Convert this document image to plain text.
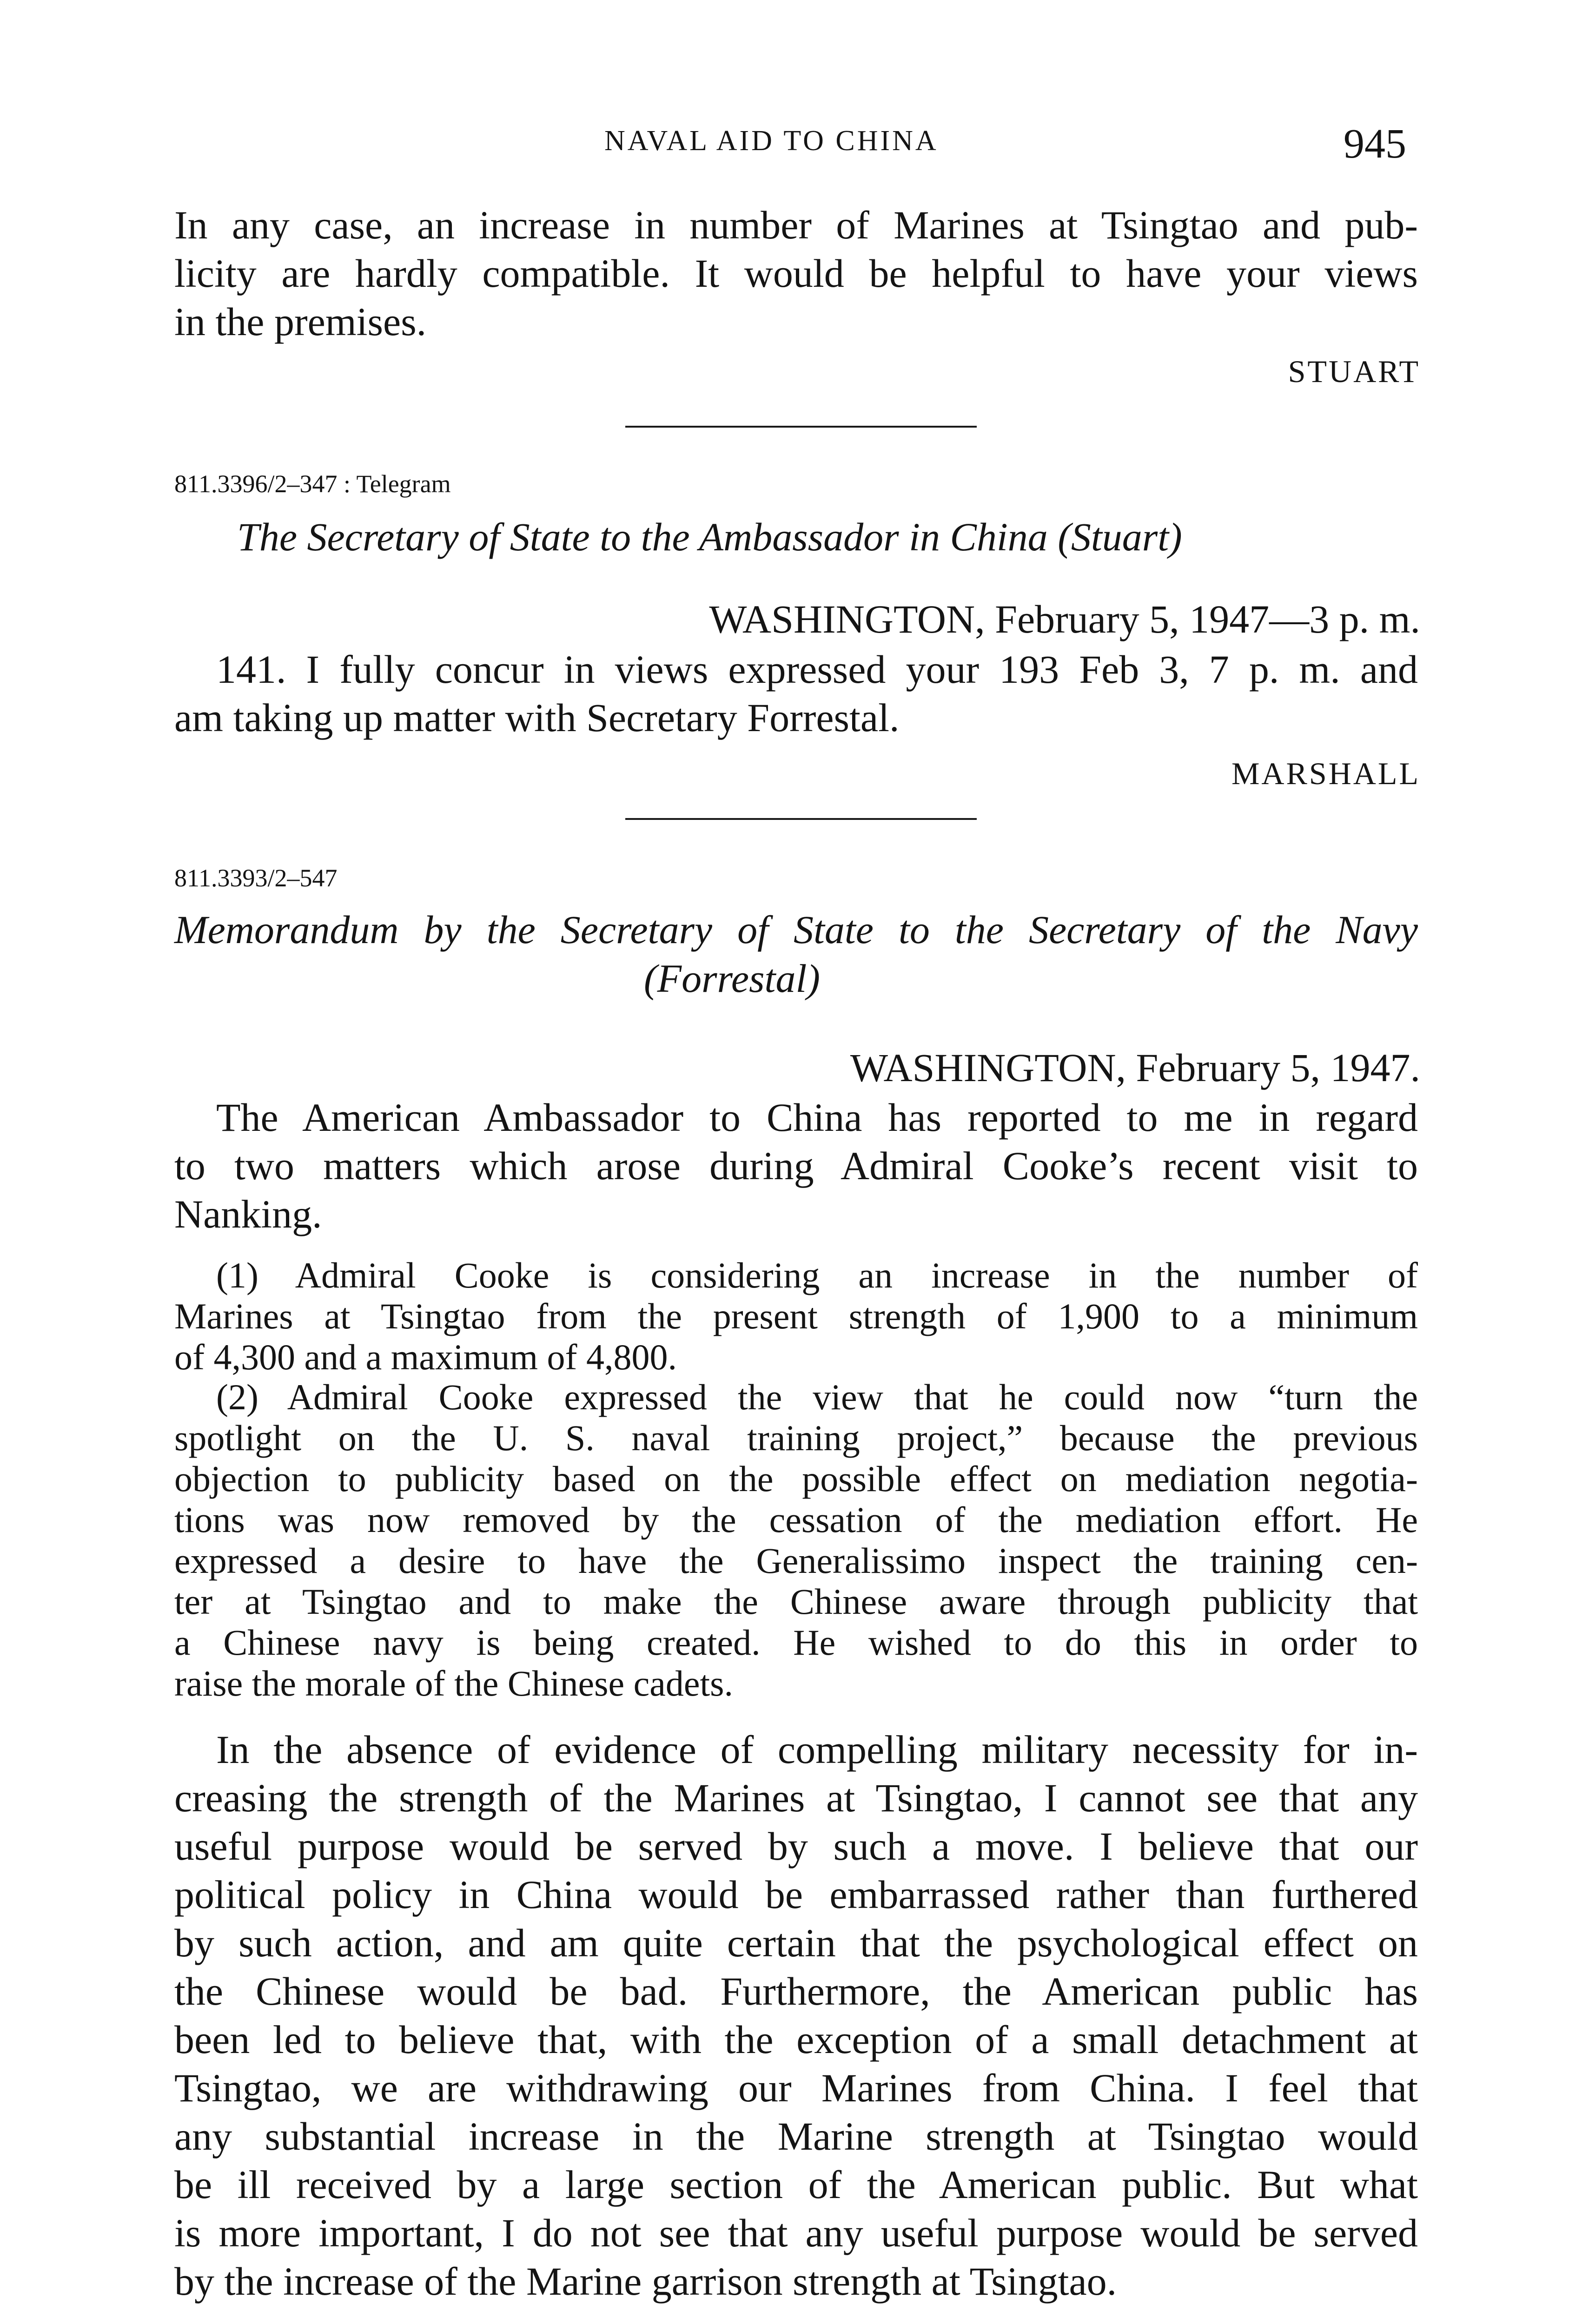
NAVAL AID TO CHINA	945
In any case, an increase in number of Marines at Tsingtao and pub-
licity are hardly compatible. It would be helpful to have your views
in the premises.
STUART
811.3396/2–347 : Telegram
The Secretary of State to the Ambassador in China (Stuart)
WASHINGTON, February 5, 1947—3 p. m.
141. I fully concur in views expressed your 193 Feb 3, 7 p. m. and
am taking up matter with Secretary Forrestal.
MARSHALL
811.3393/2–547
Memorandum by the Secretary of State to the Secretary of the Navy
(Forrestal)
WASHINGTON, February 5, 1947.
The American Ambassador to China has reported to me in regard
to two matters which arose during Admiral Cooke’s recent visit to
Nanking.
(1) Admiral Cooke is considering an increase in the number of
Marines at Tsingtao from the present strength of 1,900 to a minimum
of 4,300 and a maximum of 4,800.
(2) Admiral Cooke expressed the view that he could now “turn the
spotlight on the U. S. naval training project,” because the previous
objection to publicity based on the possible effect on mediation negotia-
tions was now removed by the cessation of the mediation effort. He
expressed a desire to have the Generalissimo inspect the training cen-
ter at Tsingtao and to make the Chinese aware through publicity that
a Chinese navy is being created. He wished to do this in order to
raise the morale of the Chinese cadets.
In the absence of evidence of compelling military necessity for in-
creasing the strength of the Marines at Tsingtao, I cannot see that any
useful purpose would be served by such a move. I believe that our
political policy in China would be embarrassed rather than furthered
by such action, and am quite certain that the psychological effect on
the Chinese would be bad. Furthermore, the American public has
been led to believe that, with the exception of a small detachment at
Tsingtao, we are withdrawing our Marines from China. I feel that
any substantial increase in the Marine strength at Tsingtao would
be ill received by a large section of the American public. But what
is more important, I do not see that any useful purpose would be served
by the increase of the Marine garrison strength at Tsingtao.
